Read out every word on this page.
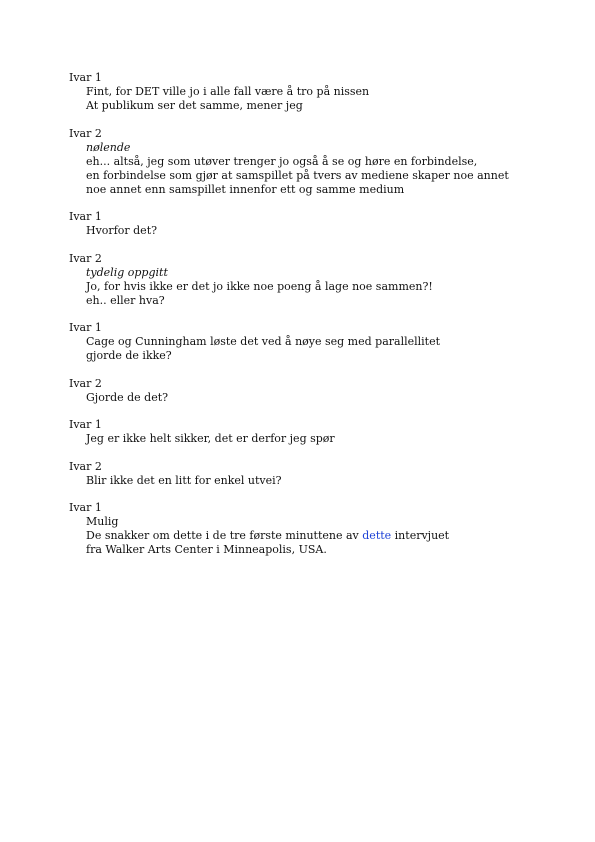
Ivar 1
Fint, for DET ville jo i alle fall være å tro på nissen
At publikum ser det samme, mener jeg
Ivar 2
nølende
eh... altså, jeg som utøver trenger jo også å se og høre en forbindelse,
en forbindelse som gjør at samspillet på tvers av mediene skaper noe annet
noe annet enn samspillet innenfor ett og samme medium
Ivar 1
Hvorfor det?
Ivar 2
tydelig oppgitt
Jo, for hvis ikke er det jo ikke noe poeng å lage noe sammen?!
eh.. eller hva?
Ivar 1
Cage og Cunningham løste det ved å nøye seg med parallellitet
gjorde de ikke?
Ivar 2
Gjorde de det?
Ivar 1
Jeg er ikke helt sikker, det er derfor jeg spør
Ivar 2
Blir ikke det en litt for enkel utvei?
Ivar 1
Mulig
De snakker om dette i de tre første minuttene av dette intervjuet
fra Walker Arts Center i Minneapolis, USA.
